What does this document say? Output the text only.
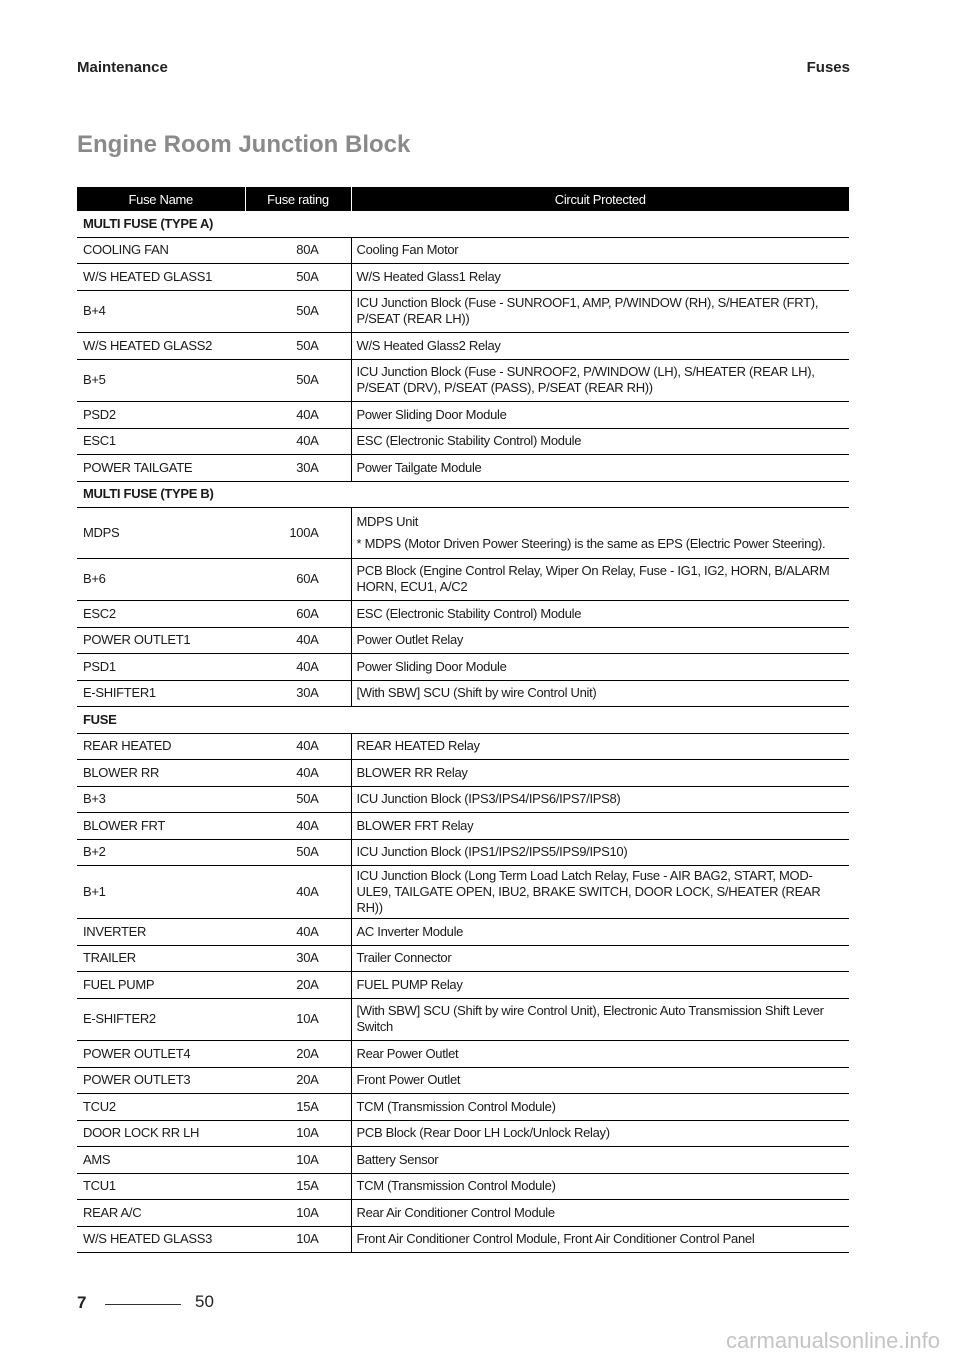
Maintenance	Fuses
Engine Room Junction Block
Fuse Name	Fuse rating	Circuit Protected
MULTI FUSE (TYPE A)		
COOLING FAN	80A	Cooling Fan Motor
W/S HEATED GLASS1	50A	W/S Heated Glass1 Relay
B+4	50A	ICU Junction Block (Fuse - SUNROOF1, AMP, P/WINDOW (RH), S/HEATER (FRT), P/SEAT (REAR LH))
W/S HEATED GLASS2	50A	W/S Heated Glass2 Relay
B+5	50A	ICU Junction Block (Fuse - SUNROOF2, P/WINDOW (LH), S/HEATER (REAR LH), P/SEAT (DRV), P/SEAT (PASS), P/SEAT (REAR RH))
PSD2	40A	Power Sliding Door Module
ESC1	40A	ESC (Electronic Stability Control) Module
POWER TAILGATE	30A	Power Tailgate Module
MULTI FUSE (TYPE B)		
MDPS	100A	MDPS Unit
* MDPS (Motor Driven Power Steering) is the same as EPS (Electric Power Steering).

B+6	60A	PCB Block (Engine Control Relay, Wiper On Relay, Fuse - IG1, IG2, HORN, B/ALARM HORN, ECU1, A/C2
ESC2	60A	ESC (Electronic Stability Control) Module
POWER OUTLET1	40A	Power Outlet Relay
PSD1	40A	Power Sliding Door Module
E-SHIFTER1	30A	[With SBW] SCU (Shift by wire Control Unit)
FUSE		
REAR HEATED	40A	REAR HEATED Relay
BLOWER RR	40A	BLOWER RR Relay
B+3	50A	ICU Junction Block (IPS3/IPS4/IPS6/IPS7/IPS8)
BLOWER FRT	40A	BLOWER FRT Relay
B+2	50A	ICU Junction Block (IPS1/IPS2/IPS5/IPS9/IPS10)
B+1	40A	ICU Junction Block (Long Term Load Latch Relay, Fuse - AIR BAG2, START, MOD-ULE9, TAILGATE OPEN, IBU2, BRAKE SWITCH, DOOR LOCK, S/HEATER (REAR RH))
INVERTER	40A	AC Inverter Module
TRAILER	30A	Trailer Connector
FUEL PUMP	20A	FUEL PUMP Relay
E-SHIFTER2	10A	[With SBW] SCU (Shift by wire Control Unit), Electronic Auto Transmission Shift Lever Switch
POWER OUTLET4	20A	Rear Power Outlet
POWER OUTLET3	20A	Front Power Outlet
TCU2	15A	TCM (Transmission Control Module)
DOOR LOCK RR LH	10A	PCB Block (Rear Door LH Lock/Unlock Relay)
AMS	10A	Battery Sensor
TCU1	15A	TCM (Transmission Control Module)
REAR A/C	10A	Rear Air Conditioner Control Module
W/S HEATED GLASS3	10A	Front Air Conditioner Control Module, Front Air Conditioner Control Panel
7	50
carmanualsonline.info
